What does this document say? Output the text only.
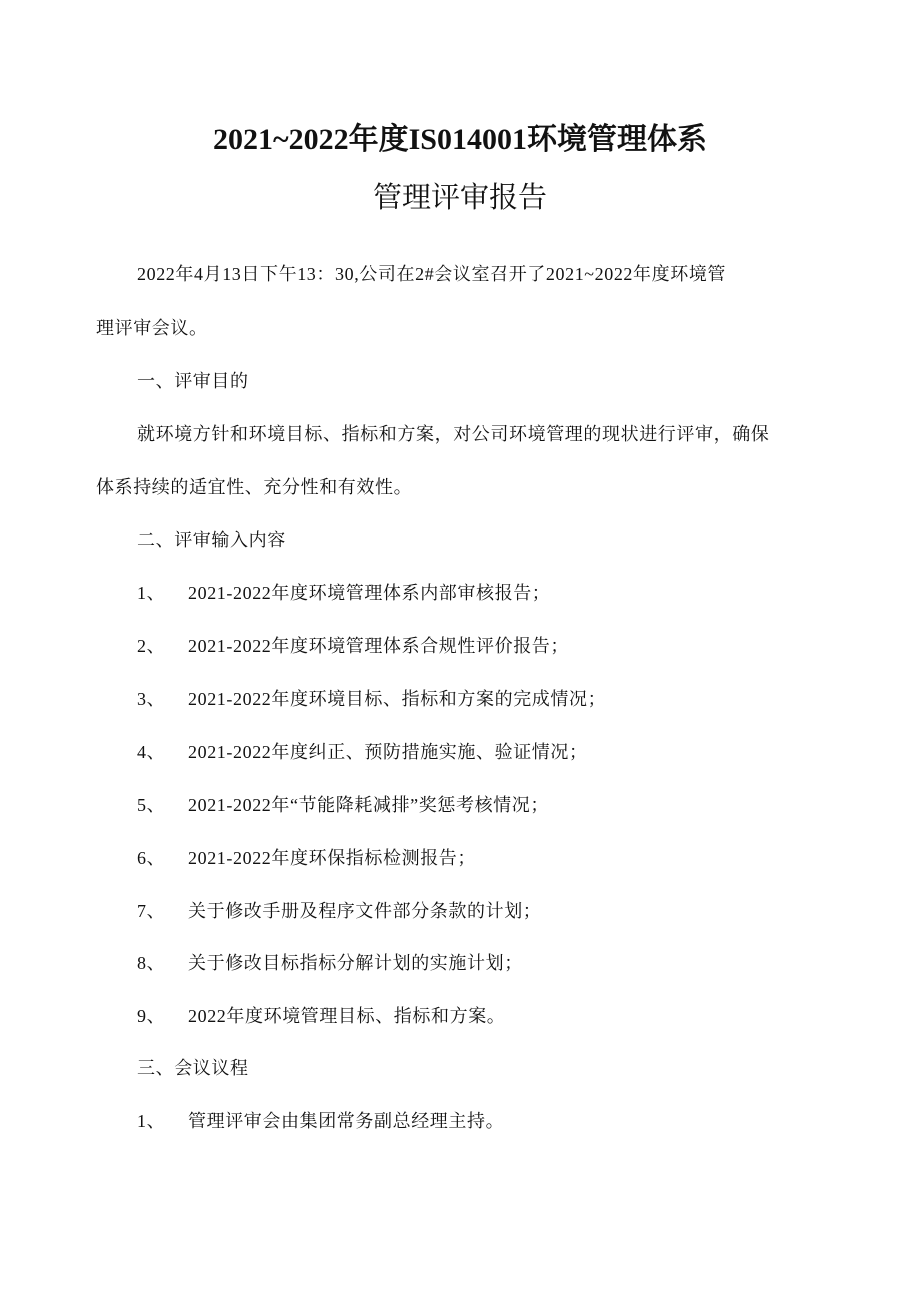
2021~2022年度IS014001环境管理体系
管理评审报告
2022年4月13日下午13：30,公司在2#会议室召开了2021~2022年度环境管
理评审会议。
一、评审目的
就环境方针和环境目标、指标和方案，对公司环境管理的现状进行评审，确保
体系持续的适宜性、充分性和有效性。
二、评审输入内容
1、 2021-2022年度环境管理体系内部审核报告；
2、 2021-2022年度环境管理体系合规性评价报告；
3、 2021-2022年度环境目标、指标和方案的完成情况；
4、 2021-2022年度纠正、预防措施实施、验证情况；
5、 2021-2022年“节能降耗减排”奖惩考核情况；
6、 2021-2022年度环保指标检测报告；
7、 关于修改手册及程序文件部分条款的计划；
8、 关于修改目标指标分解计划的实施计划；
9、 2022年度环境管理目标、指标和方案。
三、会议议程
1、 管理评审会由集团常务副总经理主持。
